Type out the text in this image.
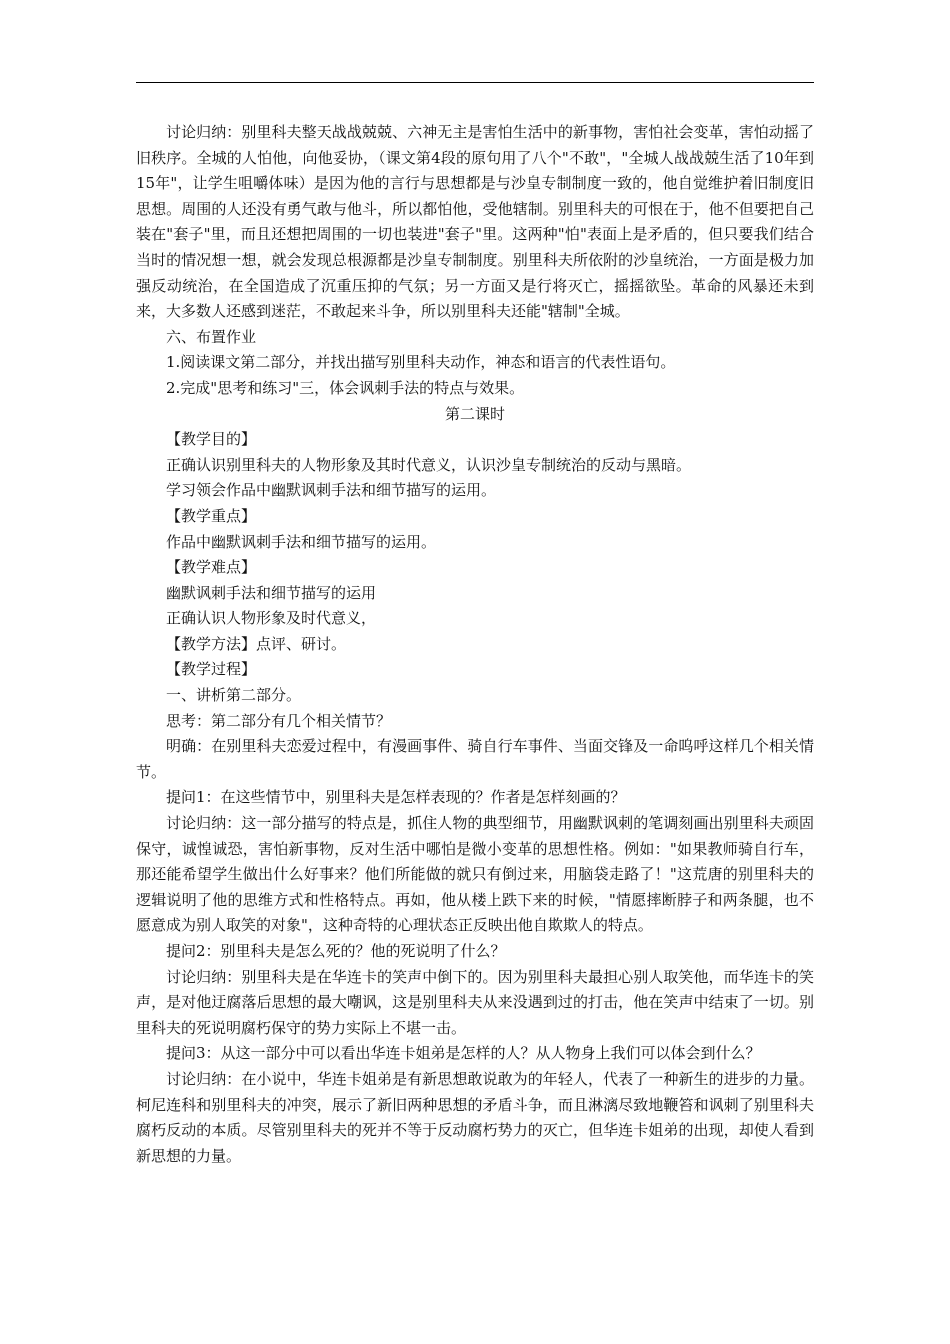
讨论归纳：别里科夫整天战战兢兢、六神无主是害怕生活中的新事物，害怕社会变革，害怕动摇了旧秩序。全城的人怕他，向他妥协，（课文第4段的原句用了八个"不敢"，"全城人战战兢生活了10年到15年"，让学生咀嚼体味）是因为他的言行与思想都是与沙皇专制制度一致的，他自觉维护着旧制度旧思想。周围的人还没有勇气敢与他斗，所以都怕他，受他辖制。别里科夫的可恨在于，他不但要把自己装在"套子"里，而且还想把周围的一切也装进"套子"里。这两种"怕"表面上是矛盾的，但只要我们结合当时的情况想一想，就会发现总根源都是沙皇专制制度。别里科夫所依附的沙皇统治，一方面是极力加强反动统治，在全国造成了沉重压抑的气氛；另一方面又是行将灭亡，摇摇欲坠。革命的风暴还未到来，大多数人还感到迷茫，不敢起来斗争，所以别里科夫还能"辖制"全城。

六、布置作业

1.阅读课文第二部分，并找出描写别里科夫动作，神态和语言的代表性语句。

2.完成"思考和练习"三，体会讽刺手法的特点与效果。

第二课时

【教学目的】

正确认识别里科夫的人物形象及其时代意义，认识沙皇专制统治的反动与黑暗。

学习领会作品中幽默讽刺手法和细节描写的运用。

【教学重点】

作品中幽默讽刺手法和细节描写的运用。

【教学难点】

幽默讽刺手法和细节描写的运用

正确认识人物形象及时代意义，

【教学方法】点评、研讨。

【教学过程】

一、讲析第二部分。

思考：第二部分有几个相关情节？

明确：在别里科夫恋爱过程中，有漫画事件、骑自行车事件、当面交锋及一命呜呼这样几个相关情节。

提问1：在这些情节中，别里科夫是怎样表现的？作者是怎样刻画的？

讨论归纳：这一部分描写的特点是，抓住人物的典型细节，用幽默讽刺的笔调刻画出别里科夫顽固保守，诚惶诚恐，害怕新事物，反对生活中哪怕是微小变革的思想性格。例如："如果教师骑自行车，那还能希望学生做出什么好事来？他们所能做的就只有倒过来，用脑袋走路了！"这荒唐的别里科夫的逻辑说明了他的思维方式和性格特点。再如，他从楼上跌下来的时候，"情愿摔断脖子和两条腿，也不愿意成为别人取笑的对象"，这种奇特的心理状态正反映出他自欺欺人的特点。

提问2：别里科夫是怎么死的？他的死说明了什么？

讨论归纳：别里科夫是在华连卡的笑声中倒下的。因为别里科夫最担心别人取笑他，而华连卡的笑声，是对他迂腐落后思想的最大嘲讽，这是别里科夫从来没遇到过的打击，他在笑声中结束了一切。别里科夫的死说明腐朽保守的势力实际上不堪一击。

提问3：从这一部分中可以看出华连卡姐弟是怎样的人？从人物身上我们可以体会到什么？

讨论归纳：在小说中，华连卡姐弟是有新思想敢说敢为的年轻人，代表了一种新生的进步的力量。柯尼连科和别里科夫的冲突，展示了新旧两种思想的矛盾斗争，而且淋漓尽致地鞭笞和讽刺了别里科夫腐朽反动的本质。尽管别里科夫的死并不等于反动腐朽势力的灭亡，但华连卡姐弟的出现，却使人看到新思想的力量。
